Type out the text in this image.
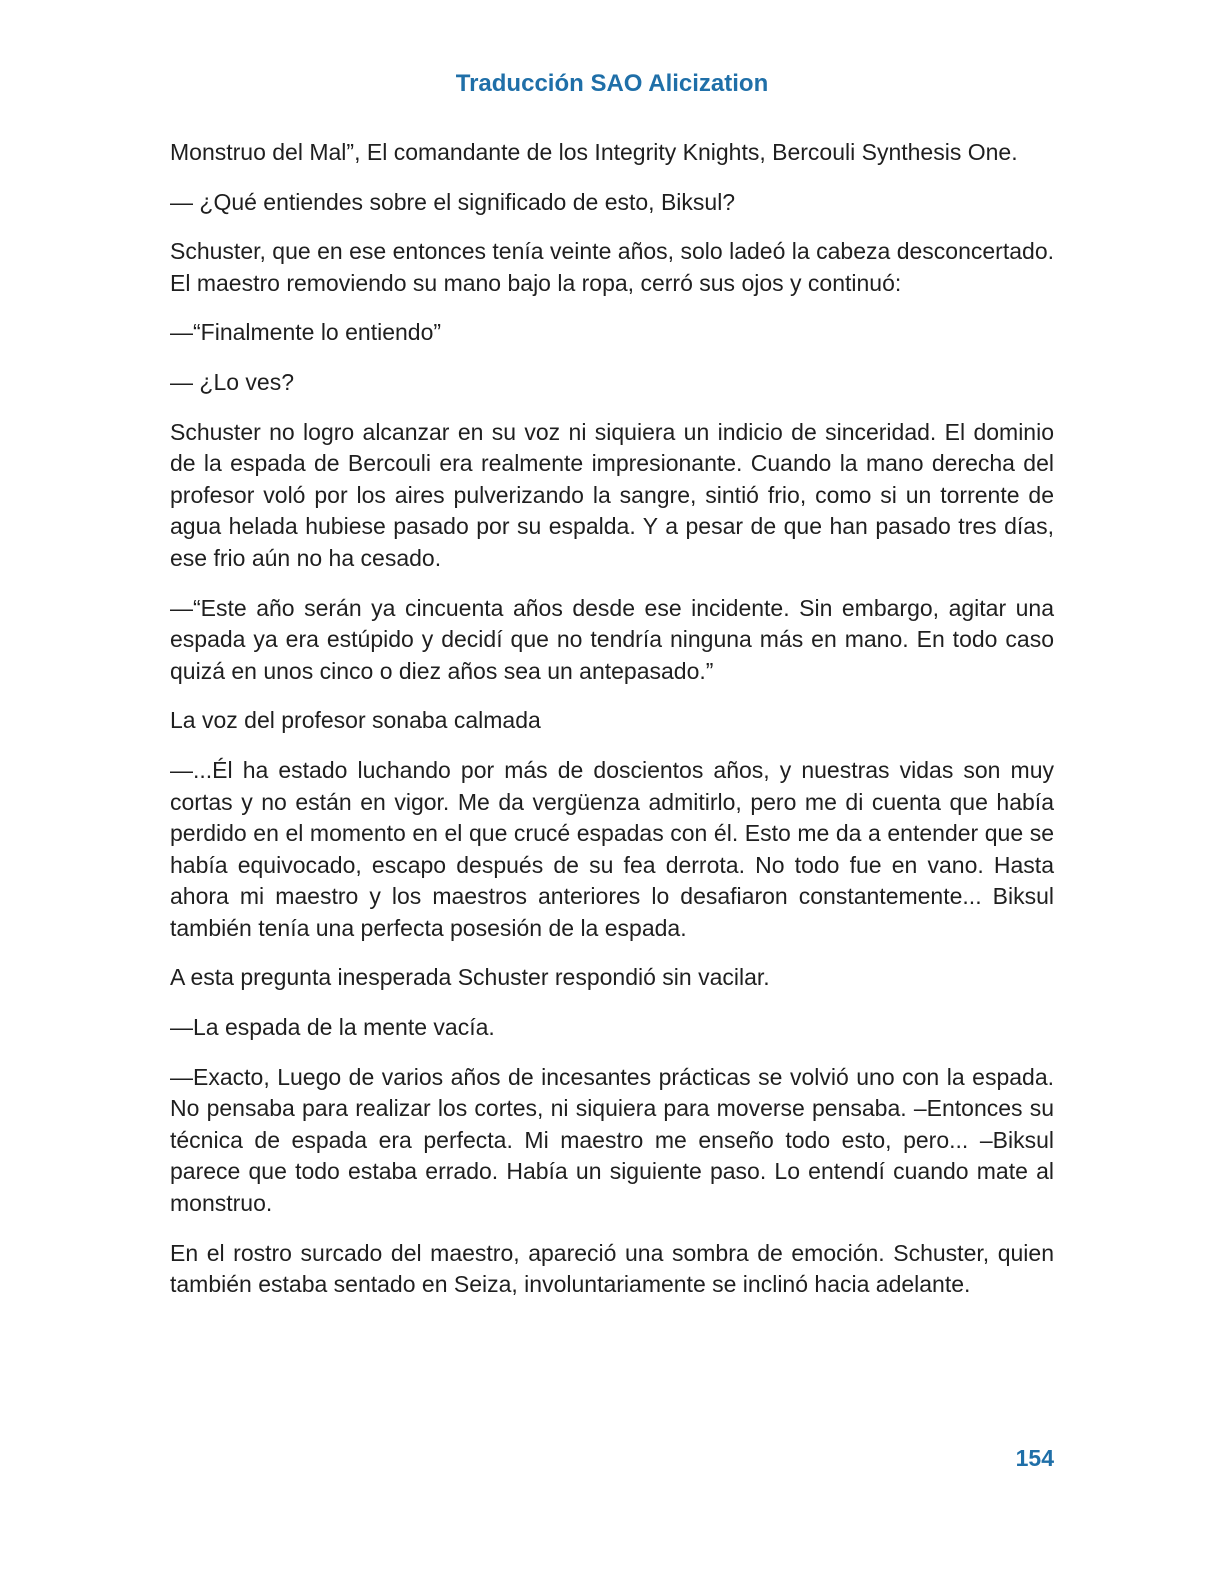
Traducción SAO Alicization

Monstruo del Mal”, El comandante de los Integrity Knights, Bercouli Synthesis One.

— ¿Qué entiendes sobre el significado de esto, Biksul?

Schuster, que en ese entonces tenía veinte años, solo ladeó la cabeza desconcertado. El maestro removiendo su mano bajo la ropa, cerró sus ojos y continuó:

—“Finalmente lo entiendo”

— ¿Lo ves?

Schuster no logro alcanzar en su voz ni siquiera un indicio de sinceridad. El dominio de la espada de Bercouli era realmente impresionante. Cuando la mano derecha del profesor voló por los aires pulverizando la sangre, sintió frio, como si un torrente de agua helada hubiese pasado por su espalda. Y a pesar de que han pasado tres días, ese frio aún no ha cesado.

—“Este año serán ya cincuenta años desde ese incidente. Sin embargo, agitar una espada ya era estúpido y decidí que no tendría ninguna más en mano. En todo caso quizá en unos cinco o diez años sea un antepasado.”

La voz del profesor sonaba calmada

—...Él ha estado luchando por más de doscientos años, y nuestras vidas son muy cortas y no están en vigor. Me da vergüenza admitirlo, pero me di cuenta que había perdido en el momento en el que crucé espadas con él. Esto me da a entender que se había equivocado, escapo después de su fea derrota. No todo fue en vano. Hasta ahora mi maestro y los maestros anteriores lo desafiaron constantemente... Biksul también tenía una perfecta posesión de la espada.

A esta pregunta inesperada Schuster respondió sin vacilar.

—La espada de la mente vacía.

—Exacto, Luego de varios años de incesantes prácticas se volvió uno con la espada. No pensaba para realizar los cortes, ni siquiera para moverse pensaba. –Entonces su técnica de espada era perfecta. Mi maestro me enseño todo esto, pero... –Biksul parece que todo estaba errado. Había un siguiente paso. Lo entendí cuando mate al monstruo.

En el rostro surcado del maestro, apareció una sombra de emoción. Schuster, quien también estaba sentado en Seiza, involuntariamente se inclinó hacia adelante.

154
